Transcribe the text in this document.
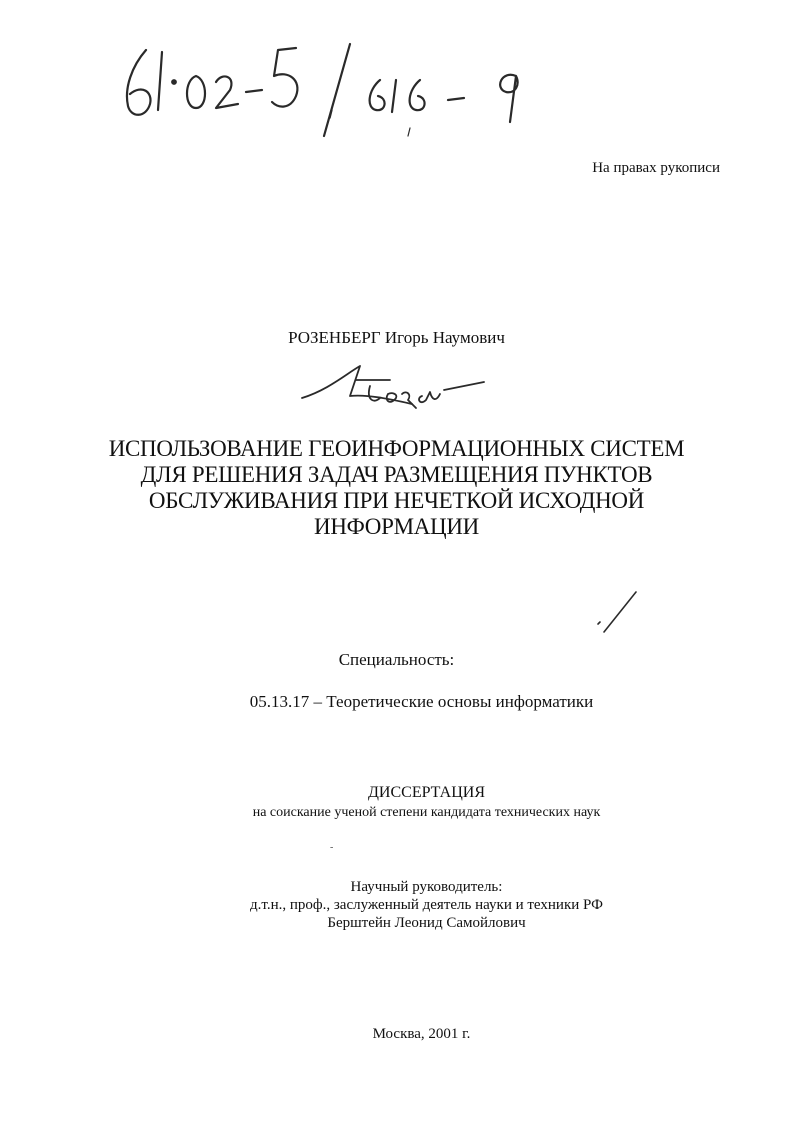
На правах рукописи
РОЗЕНБЕРГ Игорь Наумович
ИСПОЛЬЗОВАНИЕ ГЕОИНФОРМАЦИОННЫХ СИСТЕМ
ДЛЯ РЕШЕНИЯ ЗАДАЧ РАЗМЕЩЕНИЯ ПУНКТОВ
ОБСЛУЖИВАНИЯ ПРИ НЕЧЕТКОЙ ИСХОДНОЙ
ИНФОРМАЦИИ
Специальность:
05.13.17 – Теоретические основы информатики
ДИССЕРТАЦИЯ
на соискание ученой степени кандидата технических наук
-
Научный руководитель:
д.т.н., проф., заслуженный деятель науки и техники РФ
Берштейн Леонид Самойлович
Москва, 2001 г.
